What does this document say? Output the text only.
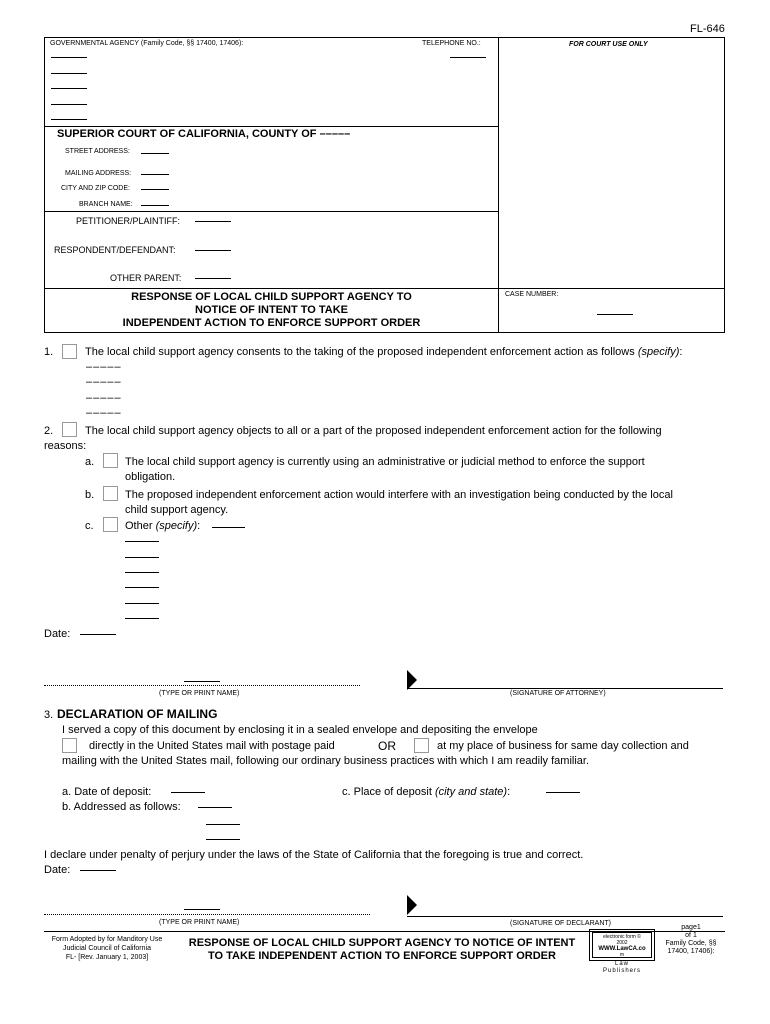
FL-646
GOVERNMENTAL AGENCY (Family Code, §§ 17400, 17406):	TELEPHONE NO.:	FOR COURT USE ONLY
SUPERIOR COURT OF CALIFORNIA, COUNTY OF –––––
STREET ADDRESS:
MAILING ADDRESS:
CITY AND ZIP CODE:
BRANCH NAME:
PETITIONER/PLAINTIFF:
RESPONDENT/DEFENDANT:
OTHER PARENT:
RESPONSE OF LOCAL CHILD SUPPORT AGENCY TO
NOTICE OF INTENT TO TAKE
INDEPENDENT ACTION TO ENFORCE SUPPORT ORDER
CASE NUMBER:
1.	The local child support agency consents to the taking of the proposed independent enforcement action as follows (specify):
–––––
–––––
–––––
–––––
2.	The local child support agency objects to all or a part of the proposed independent enforcement action for the following
reasons:
a.	The local child support agency is currently using an administrative or judicial method to enforce the support
obligation.
b.	The proposed independent enforcement action would interfere with an investigation being conducted by the local
child support agency.
c.	Other (specify):
Date:
(TYPE OR PRINT NAME)	(SIGNATURE OF ATTORNEY)
3. DECLARATION OF MAILING
I served a copy of this document by enclosing it in a sealed envelope and depositing the envelope
directly in the United States mail with postage paid	OR	at my place of business for same day collection and
mailing with the United States mail, following our ordinary business practices with which I am readily familiar.
a. Date of deposit:	c. Place of deposit (city and state):
b. Addressed as follows:
I declare under penalty of perjury under the laws of the State of California that the foregoing is true and correct.
Date:
(TYPE OR PRINT NAME)	(SIGNATURE OF DECLARANT)
Form Adopted by for Manditory Use
Judicial Council of California
FL- [Rev. January 1, 2003]
RESPONSE OF LOCAL CHILD SUPPORT AGENCY TO NOTICE OF INTENT
TO TAKE INDEPENDENT ACTION TO ENFORCE SUPPORT ORDER
electronic form ©
2002
WWW.LawCA.co
m
Law
Publishers
page1
of 1
Family Code, §§
17400, 17406):
